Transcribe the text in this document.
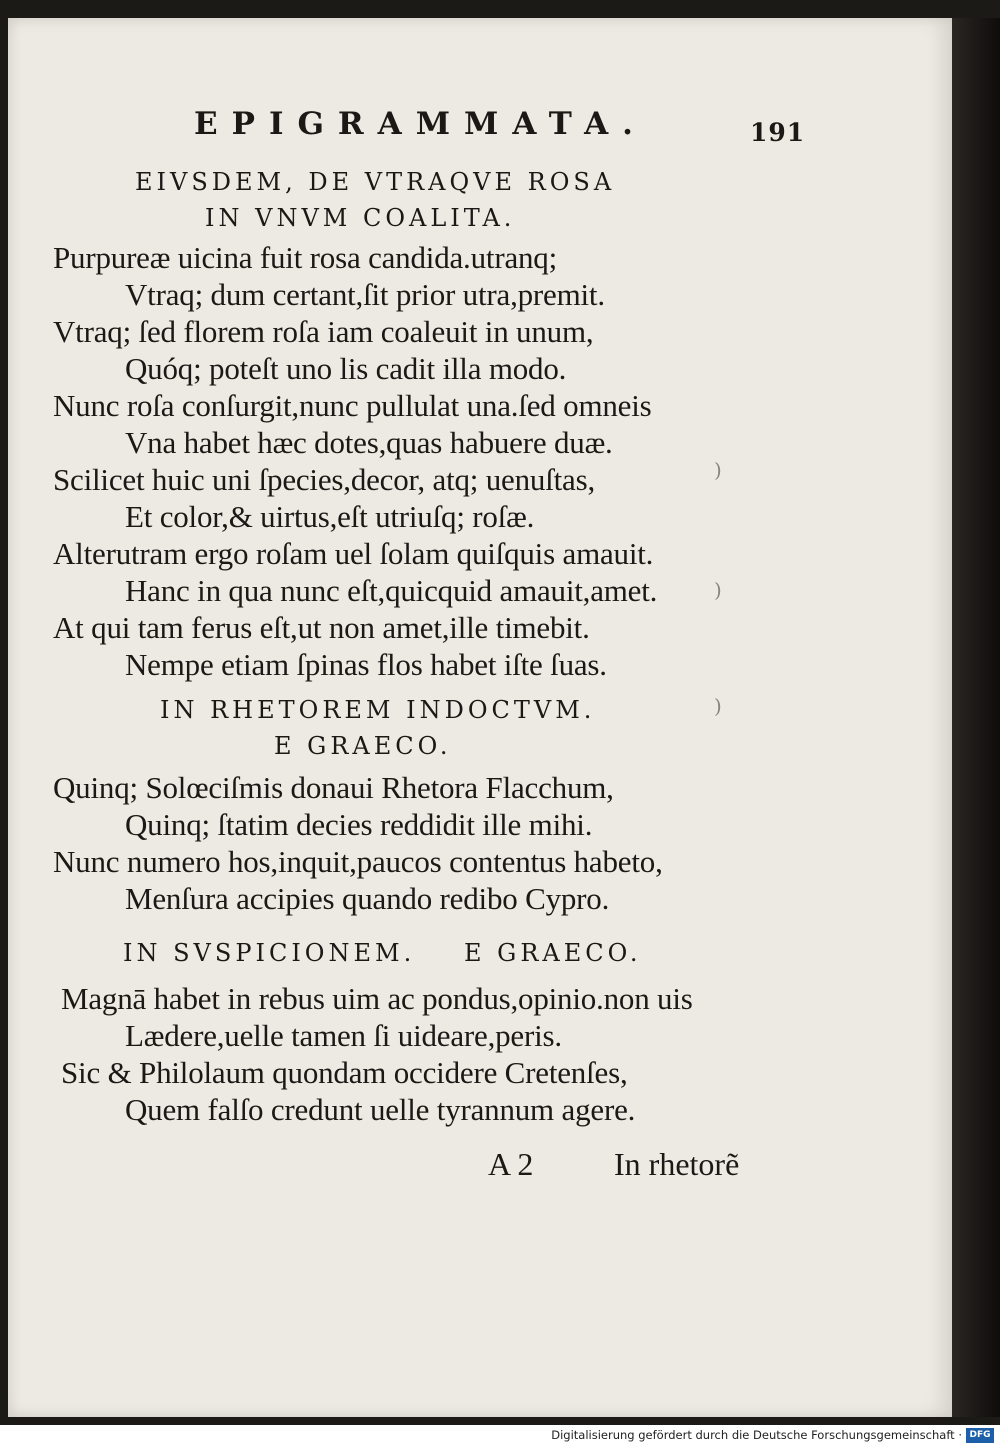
EPIGRAMMATA.	191
EIVSDEM, DE VTRAQVE ROSA
IN VNVM COALITA.
Purpureæ uicina fuit rosa candida.utranq;
Vtraq; dum certant,ſit prior utra,premit.
Vtraq; ſed florem roſa iam coaleuit in unum,
Quóq; poteſt uno lis cadit illa modo.
Nunc roſa conſurgit,nunc pullulat una.ſed omneis
Vna habet hæc dotes,quas habuere duæ.
Scilicet huic uni ſpecies,decor, atq; uenuſtas,
Et color,& uirtus,eſt utriuſq; roſæ.
Alterutram ergo roſam uel ſolam quiſquis amauit.
Hanc in qua nunc eſt,quicquid amauit,amet.
At qui tam ferus eſt,ut non amet,ille timebit.
Nempe etiam ſpinas flos habet iſte ſuas.
IN RHETOREM INDOCTVM.
E GRAECO.
Quinq; Solœciſmis donaui Rhetora Flacchum,
Quinq; ſtatim decies reddidit ille mihi.
Nunc numero hos,inquit,paucos contentus habeto,
Menſura accipies quando redibo Cypro.
IN SVSPICIONEM. E GRAECO.
Magnā habet in rebus uim ac pondus,opinio.non uis
Lædere,uelle tamen ſi uideare,peris.
Sic & Philolaum quondam occidere Cretenſes,
Quem falſo credunt uelle tyrannum agere.
)
)
)
A 2	In rhetorẽ
Digitalisierung gefördert durch die Deutsche Forschungsgemeinschaft · DFG
